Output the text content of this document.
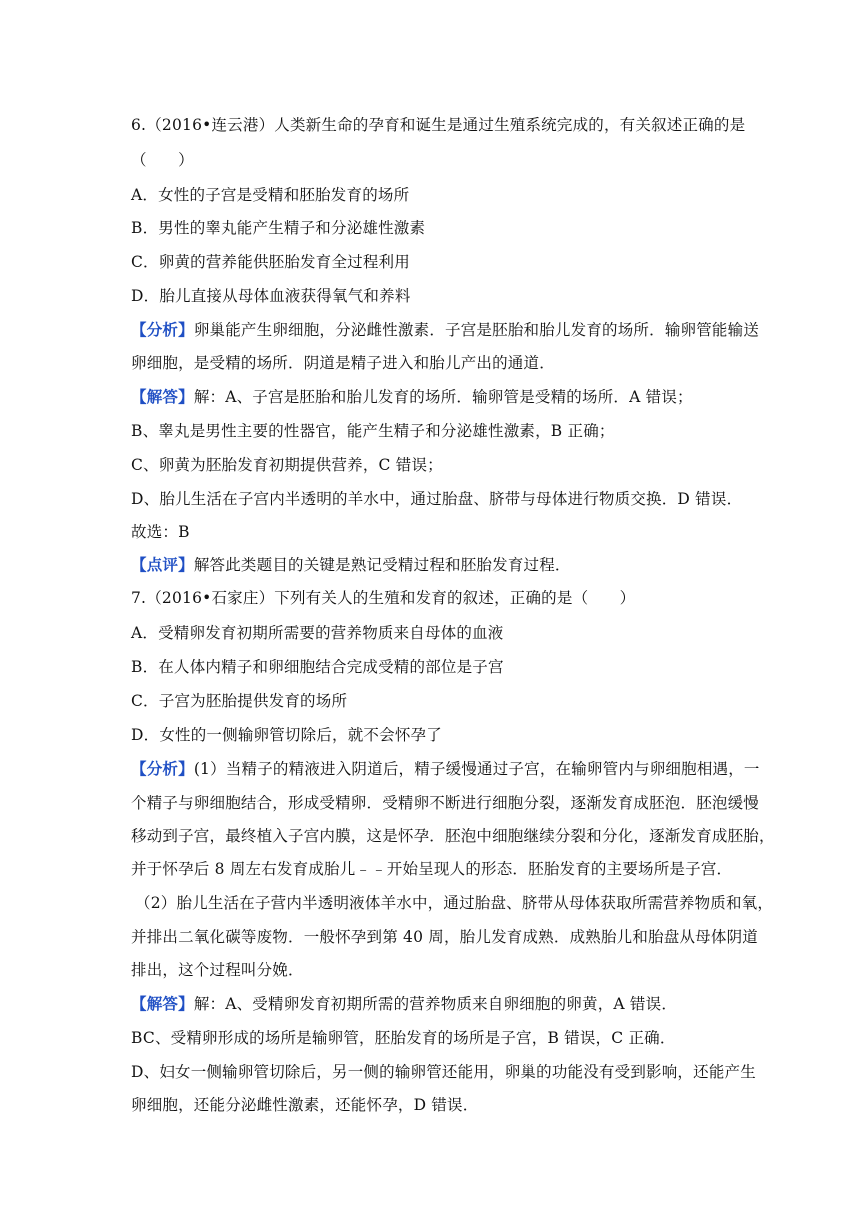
6.（2016•连云港）人类新生命的孕育和诞生是通过生殖系统完成的，有关叙述正确的是
（　　）
A．女性的子宫是受精和胚胎发育的场所
B．男性的睾丸能产生精子和分泌雄性激素
C．卵黄的营养能供胚胎发育全过程利用
D．胎儿直接从母体血液获得氧气和养料
【分析】卵巢能产生卵细胞，分泌雌性激素．子宫是胚胎和胎儿发育的场所．输卵管能输送
卵细胞，是受精的场所．阴道是精子进入和胎儿产出的通道．
【解答】解：A、子宫是胚胎和胎儿发育的场所．输卵管是受精的场所．A 错误；
B、睾丸是男性主要的性器官，能产生精子和分泌雄性激素，B 正确；
C、卵黄为胚胎发育初期提供营养，C 错误；
D、胎儿生活在子宫内半透明的羊水中，通过胎盘、脐带与母体进行物质交换．D 错误．
故选：B
【点评】解答此类题目的关键是熟记受精过程和胚胎发育过程．
7.（2016•石家庄）下列有关人的生殖和发育的叙述，正确的是（　　）
A．受精卵发育初期所需要的营养物质来自母体的血液
B．在人体内精子和卵细胞结合完成受精的部位是子宫
C．子宫为胚胎提供发育的场所
D．女性的一侧输卵管切除后，就不会怀孕了
【分析】(1）当精子的精液进入阴道后，精子缓慢通过子宫，在输卵管内与卵细胞相遇，一
个精子与卵细胞结合，形成受精卵．受精卵不断进行细胞分裂，逐渐发育成胚泡．胚泡缓慢
移动到子宫，最终植入子宫内膜，这是怀孕．胚泡中细胞继续分裂和分化，逐渐发育成胚胎，
并于怀孕后 8 周左右发育成胎儿﹣﹣开始呈现人的形态．胚胎发育的主要场所是子宫．
（2）胎儿生活在子营内半透明液体羊水中，通过胎盘、脐带从母体获取所需营养物质和氧，
并排出二氧化碳等废物．一般怀孕到第 40 周，胎儿发育成熟．成熟胎儿和胎盘从母体阴道
排出，这个过程叫分娩．
【解答】解：A、受精卵发育初期所需的营养物质来自卵细胞的卵黄，A 错误．
BC、受精卵形成的场所是输卵管，胚胎发育的场所是子宫，B 错误，C 正确．
D、妇女一侧输卵管切除后，另一侧的输卵管还能用，卵巢的功能没有受到影响，还能产生
卵细胞，还能分泌雌性激素，还能怀孕，D 错误．
